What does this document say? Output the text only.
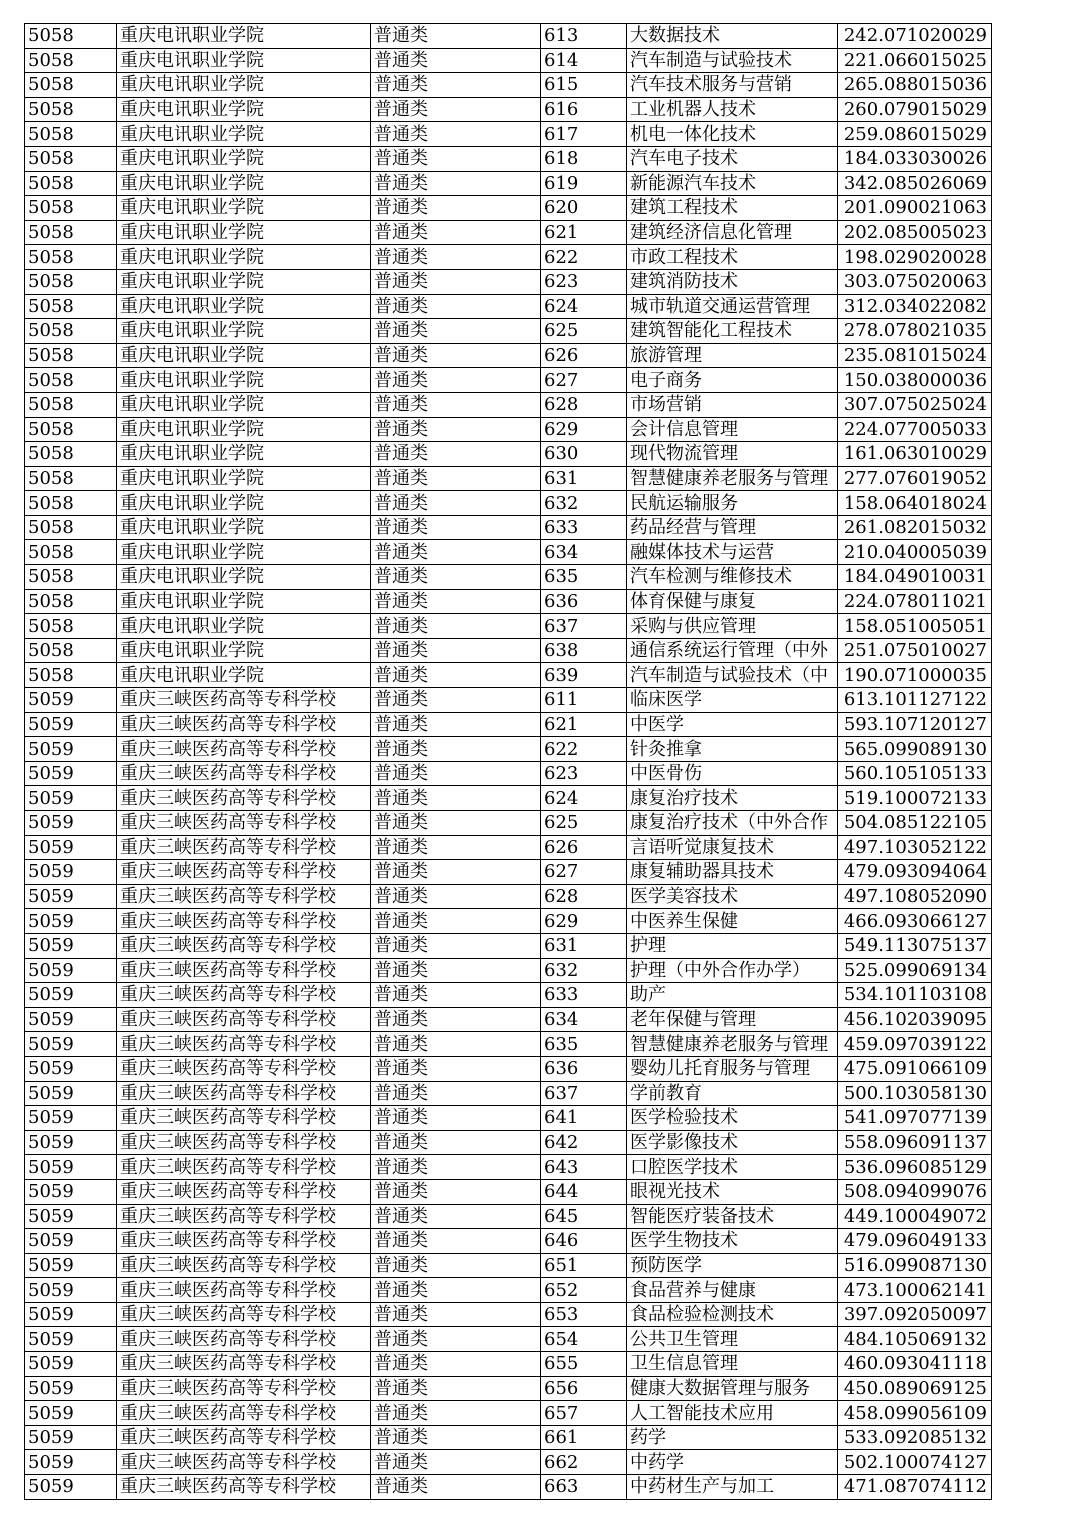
5058	重庆电讯职业学院	普通类	613	大数据技术	242.071020029
5058	重庆电讯职业学院	普通类	614	汽车制造与试验技术	221.066015025
5058	重庆电讯职业学院	普通类	615	汽车技术服务与营销	265.088015036
5058	重庆电讯职业学院	普通类	616	工业机器人技术	260.079015029
5058	重庆电讯职业学院	普通类	617	机电一体化技术	259.086015029
5058	重庆电讯职业学院	普通类	618	汽车电子技术	184.033030026
5058	重庆电讯职业学院	普通类	619	新能源汽车技术	342.085026069
5058	重庆电讯职业学院	普通类	620	建筑工程技术	201.090021063
5058	重庆电讯职业学院	普通类	621	建筑经济信息化管理	202.085005023
5058	重庆电讯职业学院	普通类	622	市政工程技术	198.029020028
5058	重庆电讯职业学院	普通类	623	建筑消防技术	303.075020063
5058	重庆电讯职业学院	普通类	624	城市轨道交通运营管理	312.034022082
5058	重庆电讯职业学院	普通类	625	建筑智能化工程技术	278.078021035
5058	重庆电讯职业学院	普通类	626	旅游管理	235.081015024
5058	重庆电讯职业学院	普通类	627	电子商务	150.038000036
5058	重庆电讯职业学院	普通类	628	市场营销	307.075025024
5058	重庆电讯职业学院	普通类	629	会计信息管理	224.077005033
5058	重庆电讯职业学院	普通类	630	现代物流管理	161.063010029
5058	重庆电讯职业学院	普通类	631	智慧健康养老服务与管理	277.076019052
5058	重庆电讯职业学院	普通类	632	民航运输服务	158.064018024
5058	重庆电讯职业学院	普通类	633	药品经营与管理	261.082015032
5058	重庆电讯职业学院	普通类	634	融媒体技术与运营	210.040005039
5058	重庆电讯职业学院	普通类	635	汽车检测与维修技术	184.049010031
5058	重庆电讯职业学院	普通类	636	体育保健与康复	224.078011021
5058	重庆电讯职业学院	普通类	637	采购与供应管理	158.051005051
5058	重庆电讯职业学院	普通类	638	通信系统运行管理（中外	251.075010027
5058	重庆电讯职业学院	普通类	639	汽车制造与试验技术（中	190.071000035
5059	重庆三峡医药高等专科学校	普通类	611	临床医学	613.101127122
5059	重庆三峡医药高等专科学校	普通类	621	中医学	593.107120127
5059	重庆三峡医药高等专科学校	普通类	622	针灸推拿	565.099089130
5059	重庆三峡医药高等专科学校	普通类	623	中医骨伤	560.105105133
5059	重庆三峡医药高等专科学校	普通类	624	康复治疗技术	519.100072133
5059	重庆三峡医药高等专科学校	普通类	625	康复治疗技术（中外合作	504.085122105
5059	重庆三峡医药高等专科学校	普通类	626	言语听觉康复技术	497.103052122
5059	重庆三峡医药高等专科学校	普通类	627	康复辅助器具技术	479.093094064
5059	重庆三峡医药高等专科学校	普通类	628	医学美容技术	497.108052090
5059	重庆三峡医药高等专科学校	普通类	629	中医养生保健	466.093066127
5059	重庆三峡医药高等专科学校	普通类	631	护理	549.113075137
5059	重庆三峡医药高等专科学校	普通类	632	护理（中外合作办学）	525.099069134
5059	重庆三峡医药高等专科学校	普通类	633	助产	534.101103108
5059	重庆三峡医药高等专科学校	普通类	634	老年保健与管理	456.102039095
5059	重庆三峡医药高等专科学校	普通类	635	智慧健康养老服务与管理	459.097039122
5059	重庆三峡医药高等专科学校	普通类	636	婴幼儿托育服务与管理	475.091066109
5059	重庆三峡医药高等专科学校	普通类	637	学前教育	500.103058130
5059	重庆三峡医药高等专科学校	普通类	641	医学检验技术	541.097077139
5059	重庆三峡医药高等专科学校	普通类	642	医学影像技术	558.096091137
5059	重庆三峡医药高等专科学校	普通类	643	口腔医学技术	536.096085129
5059	重庆三峡医药高等专科学校	普通类	644	眼视光技术	508.094099076
5059	重庆三峡医药高等专科学校	普通类	645	智能医疗装备技术	449.100049072
5059	重庆三峡医药高等专科学校	普通类	646	医学生物技术	479.096049133
5059	重庆三峡医药高等专科学校	普通类	651	预防医学	516.099087130
5059	重庆三峡医药高等专科学校	普通类	652	食品营养与健康	473.100062141
5059	重庆三峡医药高等专科学校	普通类	653	食品检验检测技术	397.092050097
5059	重庆三峡医药高等专科学校	普通类	654	公共卫生管理	484.105069132
5059	重庆三峡医药高等专科学校	普通类	655	卫生信息管理	460.093041118
5059	重庆三峡医药高等专科学校	普通类	656	健康大数据管理与服务	450.089069125
5059	重庆三峡医药高等专科学校	普通类	657	人工智能技术应用	458.099056109
5059	重庆三峡医药高等专科学校	普通类	661	药学	533.092085132
5059	重庆三峡医药高等专科学校	普通类	662	中药学	502.100074127
5059	重庆三峡医药高等专科学校	普通类	663	中药材生产与加工	471.087074112
